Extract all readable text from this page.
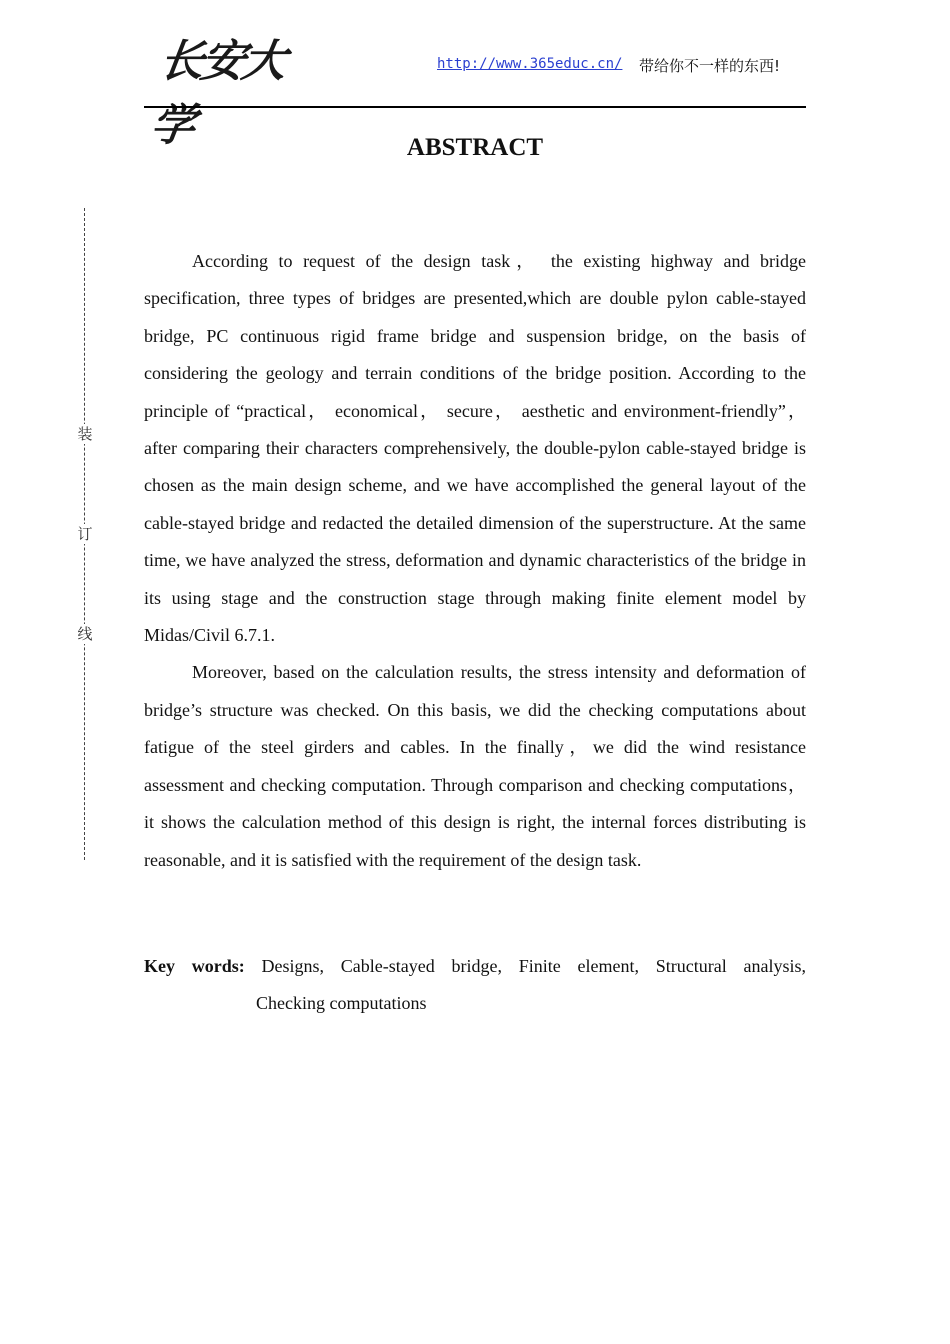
长安大学
http://www.365educ.cn/ 带给你不一样的东西!
装
订
线
ABSTRACT

According to request of the design task， the existing highway and bridge specification, three types of bridges are presented,which are double pylon cable-stayed bridge, PC continuous rigid frame bridge and suspension bridge, on the basis of considering the geology and terrain conditions of the bridge position. According to the principle of “practical， economical， secure， aesthetic and environment-friendly”，after comparing their characters comprehensively, the double-pylon cable-stayed bridge is chosen as the main design scheme, and we have accomplished the general layout of the cable-stayed bridge and redacted the detailed dimension of the superstructure. At the same time, we have analyzed the stress, deformation and dynamic characteristics of the bridge in its using stage and the construction stage through making finite element model by Midas/Civil 6.7.1.

Moreover, based on the calculation results, the stress intensity and deformation of bridge’s structure was checked. On this basis, we did the checking computations about fatigue of the steel girders and cables. In the finally，we did the wind resistance assessment and checking computation. Through comparison and checking computations， it shows the calculation method of this design is right, the internal forces distributing is reasonable, and it is satisfied with the requirement of the design task.

Key words: Designs, Cable-stayed bridge, Finite element, Structural analysis,
Checking computations
